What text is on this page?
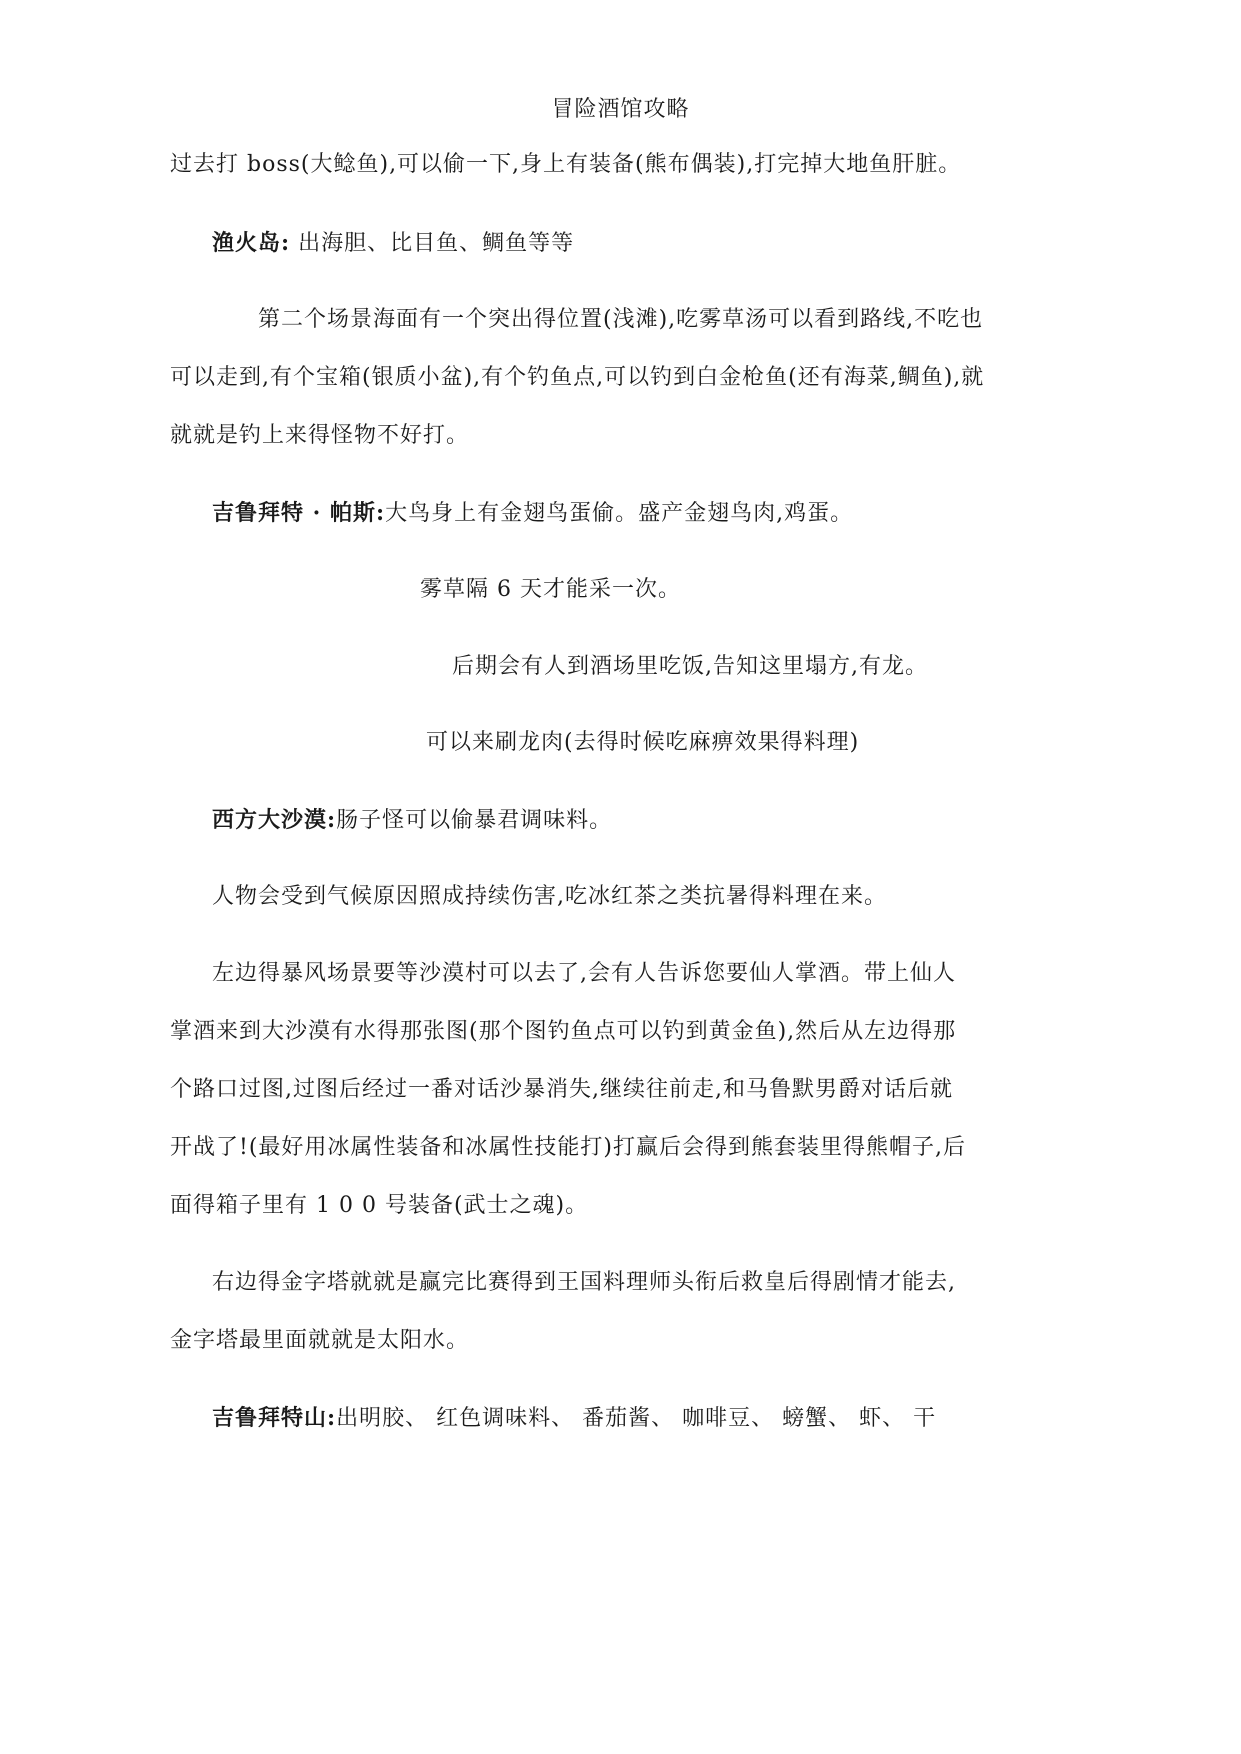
冒险酒馆攻略
过去打 boss(大鲶鱼),可以偷一下,身上有装备(熊布偶装),打完掉大地鱼肝脏。
渔火岛: 出海胆、比目鱼、鲷鱼等等
第二个场景海面有一个突出得位置(浅滩),吃雾草汤可以看到路线,不吃也
可以走到,有个宝箱(银质小盆),有个钓鱼点,可以钓到白金枪鱼(还有海菜,鲷鱼),就
就就是钓上来得怪物不好打。
吉鲁拜特 · 帕斯:大鸟身上有金翅鸟蛋偷。盛产金翅鸟肉,鸡蛋。
雾草隔 6 天才能采一次。
后期会有人到酒场里吃饭,告知这里塌方,有龙。
可以来刷龙肉(去得时候吃麻痹效果得料理)
西方大沙漠:肠子怪可以偷暴君调味料。
人物会受到气候原因照成持续伤害,吃冰红茶之类抗暑得料理在来。
左边得暴风场景要等沙漠村可以去了,会有人告诉您要仙人掌酒。带上仙人
掌酒来到大沙漠有水得那张图(那个图钓鱼点可以钓到黄金鱼),然后从左边得那
个路口过图,过图后经过一番对话沙暴消失,继续往前走,和马鲁默男爵对话后就
开战了!(最好用冰属性装备和冰属性技能打)打赢后会得到熊套装里得熊帽子,后
面得箱子里有 1 0 0 号装备(武士之魂)。
右边得金字塔就就是赢完比赛得到王国料理师头衔后救皇后得剧情才能去,
金字塔最里面就就是太阳水。
吉鲁拜特山:出明胶、 红色调味料、 番茄酱、 咖啡豆、 螃蟹、 虾、 干
